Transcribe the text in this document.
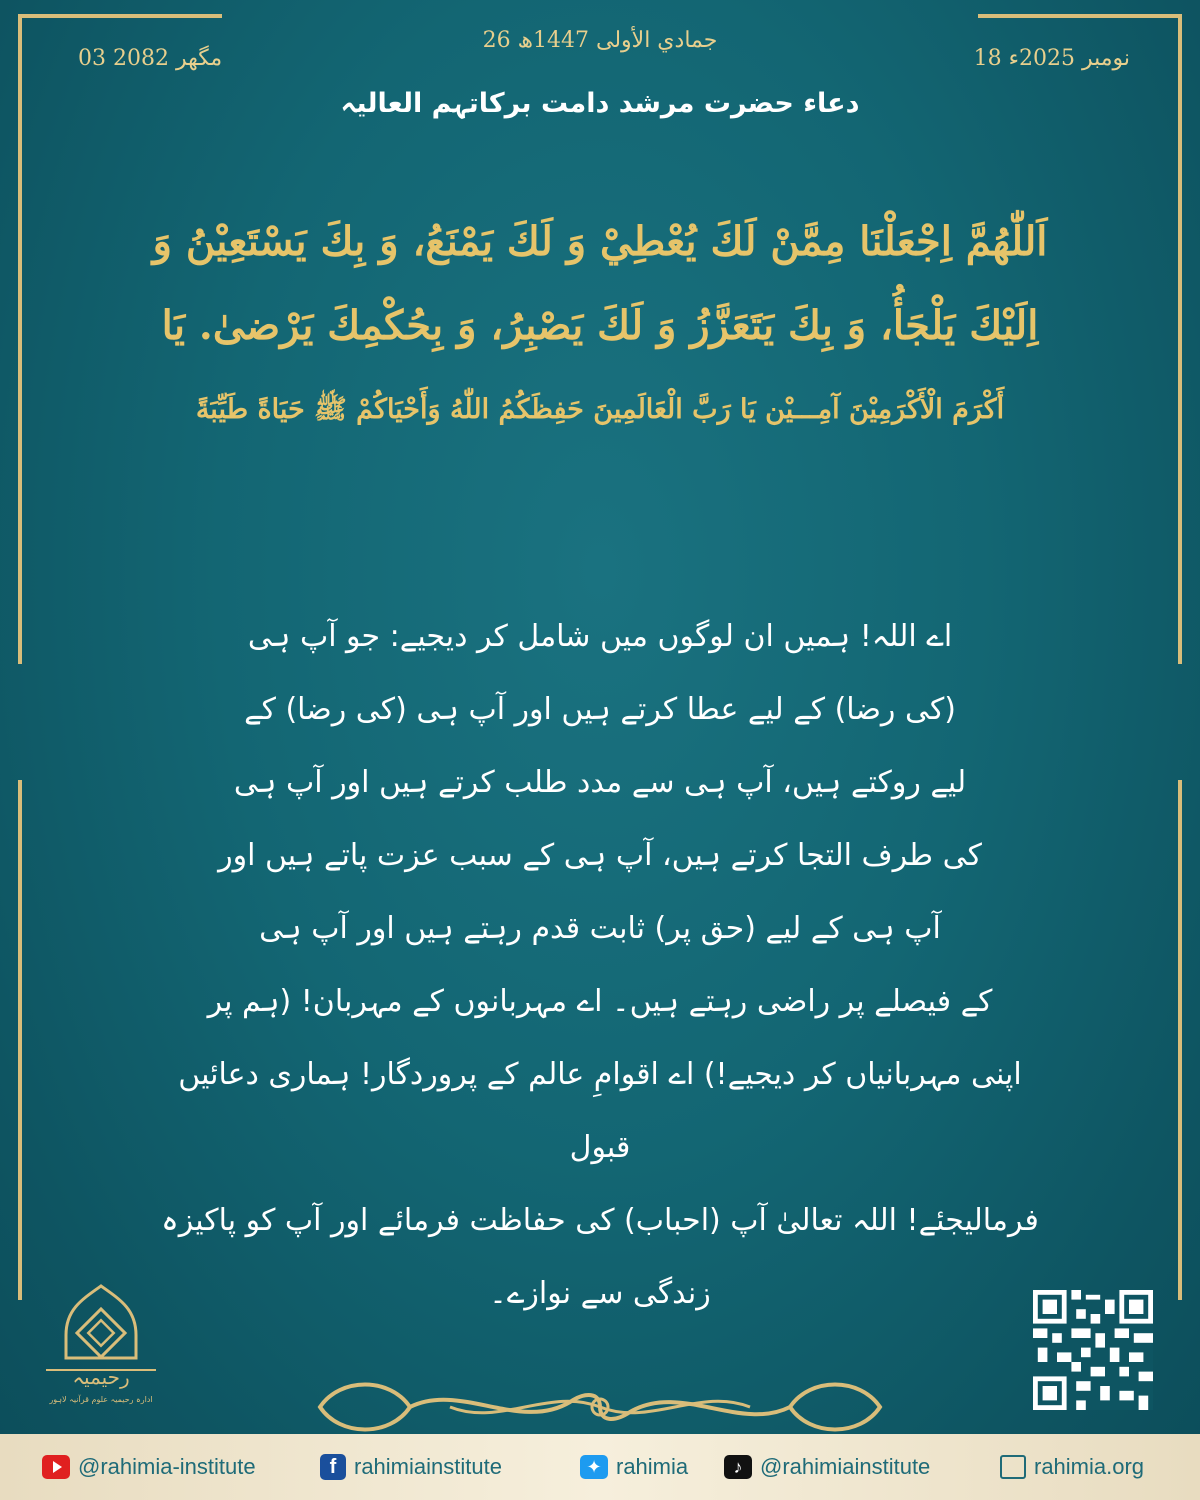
26 جمادي الأولى 1447ھ
18 نومبر 2025ء
03 مگھر 2082
دعاء حضرت مرشد دامت برکاتہم العالیہ
اَللّٰهُمَّ اِجْعَلْنَا مِمَّنْ لَكَ يُعْطِيْ وَ لَكَ يَمْنَعُ، وَ بِكَ يَسْتَعِيْنُ وَ
اِلَيْكَ يَلْجَأُ، وَ بِكَ يَتَعَزَّزُ وَ لَكَ يَصْبِرُ، وَ بِحُكْمِكَ يَرْضىٰ. يَا
أَكْرَمَ الْأَكْرَمِيْنَ آمِـــيْن يَا رَبَّ الْعَالَمِينَ حَفِظَكُمُ اللّٰهُ وَأَحْيَاكُمْ ﷺ حَيَاةً طَيِّبَةً
اے اللہ! ہمیں ان لوگوں میں شامل کر دیجیے: جو آپ ہی
(کی رضا) کے لیے عطا کرتے ہیں اور آپ ہی (کی رضا) کے
لیے روکتے ہیں، آپ ہی سے مدد طلب کرتے ہیں اور آپ ہی
کی طرف التجا کرتے ہیں، آپ ہی کے سبب عزت پاتے ہیں اور
آپ ہی کے لیے (حق پر) ثابت قدم رہتے ہیں اور آپ ہی
کے فیصلے پر راضی رہتے ہیں۔ اے مہربانوں کے مہربان! (ہم پر
اپنی مہربانیاں کر دیجیے!) اے اقوامِ عالم کے پروردگار! ہماری دعائیں قبول
فرمالیجئے! اللہ تعالیٰ آپ (احباب) کی حفاظت فرمائے اور آپ کو پاکیزہ
زندگی سے نوازے۔
رحیمیہ
ادارہ رحیمیہ علوم قرآنیہ لاہور
@rahimia-institute	f rahimiainstitute	✦ rahimia	♪ @rahimiainstitute	rahimia.org
